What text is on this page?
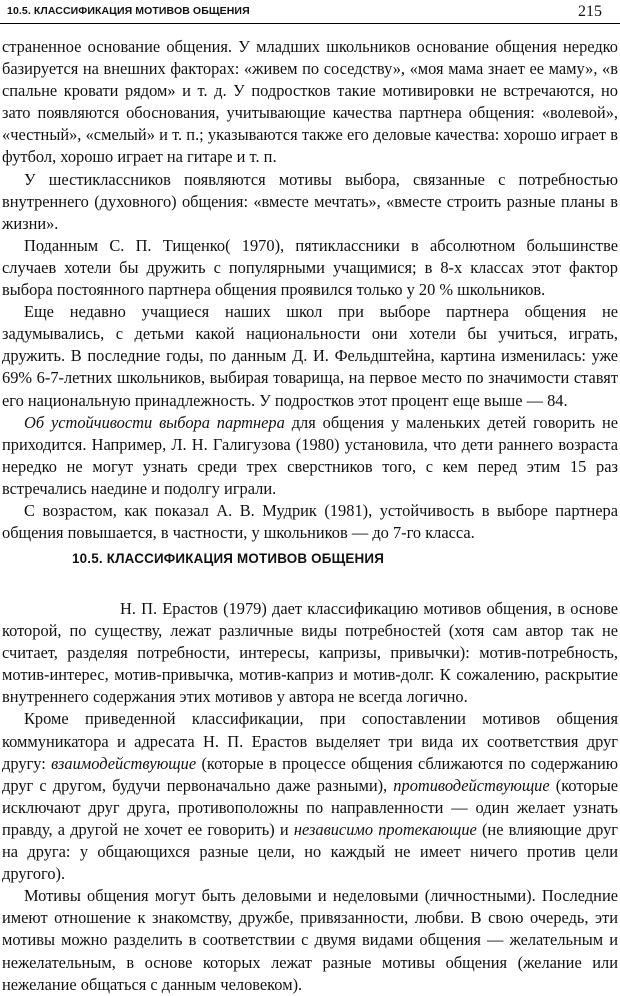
10.5. КЛАССИФИКАЦИЯ МОТИВОВ ОБЩЕНИЯ	215

страненное основание общения. У младших школьников основание общения нередко базируется на внешних факторах: «живем по соседству», «моя мама знает ее маму», «в спальне кровати рядом» и т. д. У подростков такие мотивировки не встречаются, но зато появляются обоснования, учитывающие качества партнера общения: «волевой», «честный», «смелый» и т. п.; указываются также его деловые качества: хорошо играет в футбол, хорошо играет на гитаре и т. п.

У шестиклассников появляются мотивы выбора, связанные с потребностью внутреннего (духовного) общения: «вместе мечтать», «вместе строить разные планы в жизни».

Поданным С. П. Тищенко( 1970), пятиклассники в абсолютном большинстве случаев хотели бы дружить с популярными учащимися; в 8-х классах этот фактор выбора постоянного партнера общения проявился только у 20 % школьников.

Еще недавно учащиеся наших школ при выборе партнера общения не задумывались, с детьми какой национальности они хотели бы учиться, играть, дружить. В последние годы, по данным Д. И. Фельдштейна, картина изменилась: уже 69% 6-7-летних школьников, выбирая товарища, на первое место по значимости ставят его национальную принадлежность. У подростков этот процент еще выше — 84.

Об устойчивости выбора партнера для общения у маленьких детей говорить не приходится. Например, Л. Н. Галигузова (1980) установила, что дети раннего возраста нередко не могут узнать среди трех сверстников того, с кем перед этим 15 раз встречались наедине и подолгу играли.

С возрастом, как показал А. В. Мудрик (1981), устойчивость в выборе партнера общения повышается, в частности, у школьников — до 7-го класса.

10.5. КЛАССИФИКАЦИЯ МОТИВОВ ОБЩЕНИЯ

Н. П. Ерастов (1979) дает классификацию мотивов общения, в основе которой, по существу, лежат различные виды потребностей (хотя сам автор так не считает, разделяя потребности, интересы, капризы, привычки): мотив-потребность, мотив-интерес, мотив-привычка, мотив-каприз и мотив-долг. К сожалению, раскрытие внутреннего содержания этих мотивов у автора не всегда логично.

Кроме приведенной классификации, при сопоставлении мотивов общения коммуникатора и адресата Н. П. Ерастов выделяет три вида их соответствия друг другу: взаимодействующие (которые в процессе общения сближаются по содержанию друг с другом, будучи первоначально даже разными), противодействующие (которые исключают друг друга, противоположны по направленности — один желает узнать правду, а другой не хочет ее говорить) и независимо протекающие (не влияющие друг на друга: у общающихся разные цели, но каждый не имеет ничего против цели другого).

Мотивы общения могут быть деловыми и неделовыми (личностными). Последние имеют отношение к знакомству, дружбе, привязанности, любви. В свою очередь, эти мотивы можно разделить в соответствии с двумя видами общения — желательным и нежелательным, в основе которых лежат разные мотивы общения (желание или нежелание общаться с данным человеком).
